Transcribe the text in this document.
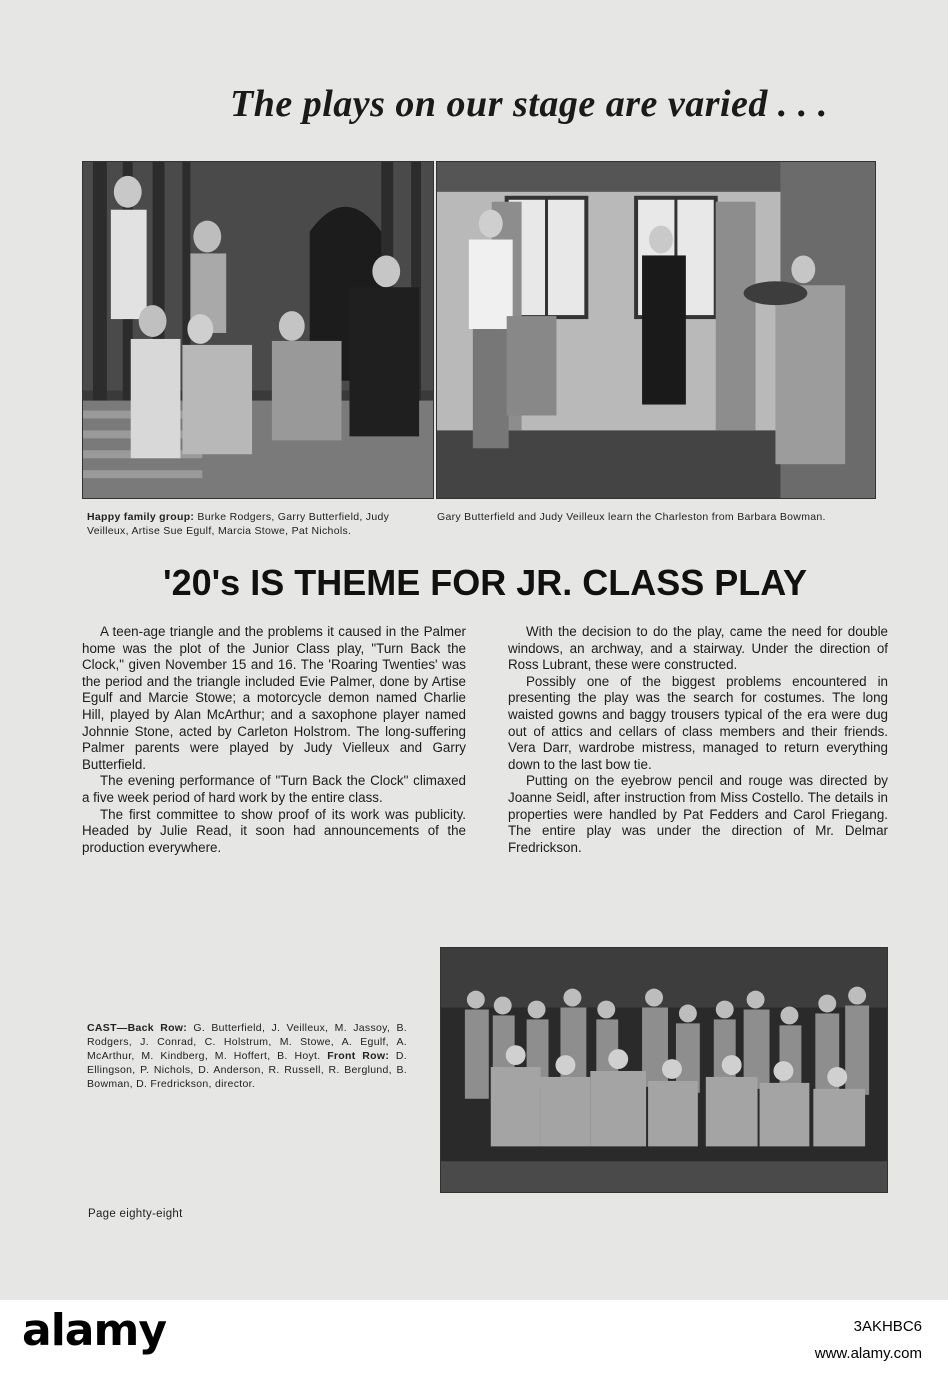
The plays on our stage are varied . . .
Happy family group: Burke Rodgers, Garry Butterfield, Judy Veilleux, Artise Sue Egulf, Marcia Stowe, Pat Nichols.
Gary Butterfield and Judy Veilleux learn the Charleston from Barbara Bowman.
'20's IS THEME FOR JR. CLASS PLAY

A teen-age triangle and the problems it caused in the Palmer home was the plot of the Junior Class play, "Turn Back the Clock," given November 15 and 16. The 'Roaring Twenties' was the period and the triangle included Evie Palmer, done by Artise Egulf and Marcie Stowe; a motorcycle demon named Charlie Hill, played by Alan McArthur; and a saxophone player named Johnnie Stone, acted by Carleton Holstrom. The long-suffering Palmer parents were played by Judy Vielleux and Garry Butterfield.

The evening performance of "Turn Back the Clock" climaxed a five week period of hard work by the entire class.

The first committee to show proof of its work was publicity. Headed by Julie Read, it soon had announcements of the production everywhere.

With the decision to do the play, came the need for double windows, an archway, and a stairway. Under the direction of Ross Lubrant, these were constructed.

Possibly one of the biggest problems encountered in presenting the play was the search for costumes. The long waisted gowns and baggy trousers typical of the era were dug out of attics and cellars of class members and their friends. Vera Darr, wardrobe mistress, managed to return everything down to the last bow tie.

Putting on the eyebrow pencil and rouge was directed by Joanne Seidl, after instruction from Miss Costello. The details in properties were handled by Pat Fedders and Carol Friegang. The entire play was under the direction of Mr. Delmar Fredrickson.

CAST—Back Row: G. Butterfield, J. Veilleux, M. Jassoy, B. Rodgers, J. Conrad, C. Holstrum, M. Stowe, A. Egulf, A. McArthur, M. Kindberg, M. Hoffert, B. Hoyt. Front Row: D. Ellingson, P. Nichols, D. Anderson, R. Russell, R. Berglund, B. Bowman, D. Fredrickson, director.
Page eighty-eight
alamy	3AKHBC6
www.alamy.com
